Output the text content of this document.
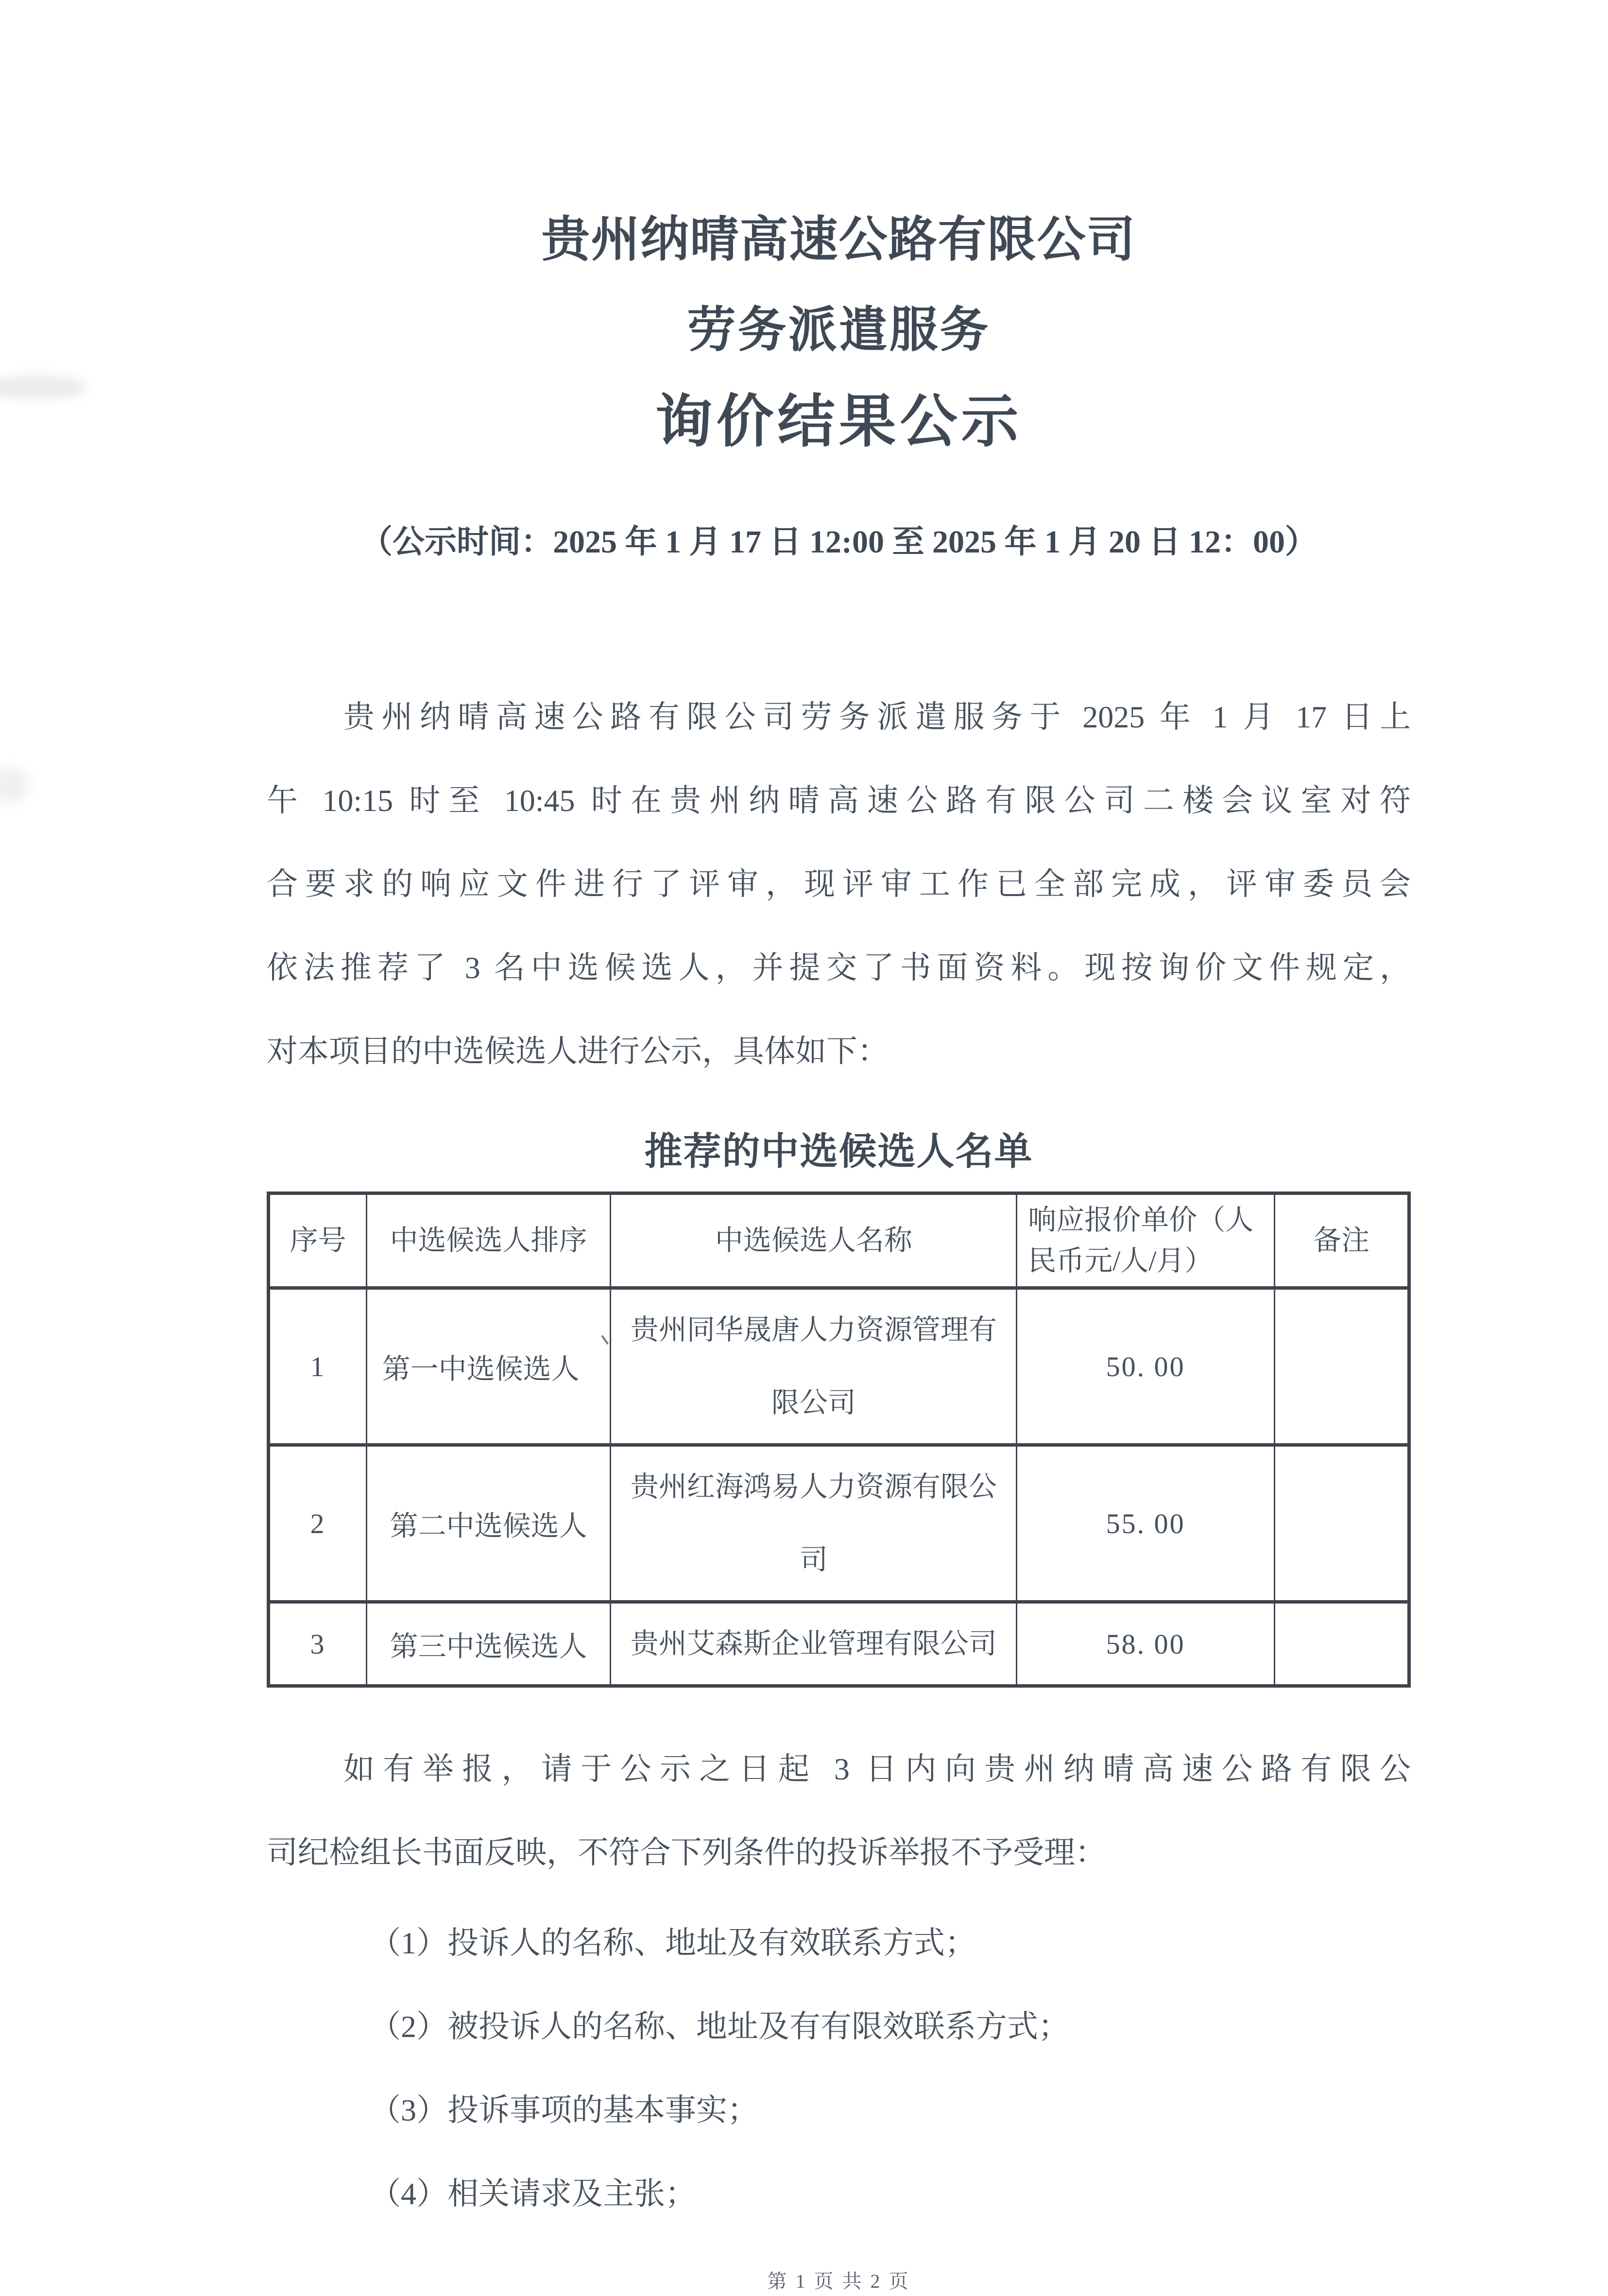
贵州纳晴高速公路有限公司
劳务派遣服务
询价结果公示
（公示时间：2025 年 1 月 17 日 12:00 至 2025 年 1 月 20 日 12：00）
贵州纳晴高速公路有限公司劳务派遣服务于 2025 年 1 月 17 日上
午 10:15 时至 10:45 时在贵州纳晴高速公路有限公司二楼会议室对符
合要求的响应文件进行了评审，现评审工作已全部完成，评审委员会
依法推荐了 3 名中选候选人，并提交了书面资料。现按询价文件规定，
对本项目的中选候选人进行公示，具体如下：
推荐的中选候选人名单
序号	中选候选人排序	中选候选人名称	响应报价单价（人民币元/人/月）	备注
1	第一中选候选人	贵州同华晟唐人力资源管理有限公司	50. 00	
2	第二中选候选人	贵州红海鸿易人力资源有限公司	55. 00	
3	第三中选候选人	贵州艾森斯企业管理有限公司	58. 00	
如有举报，请于公示之日起 3 日内向贵州纳晴高速公路有限公
司纪检组长书面反映，不符合下列条件的投诉举报不予受理：
（1）投诉人的名称、地址及有效联系方式；
（2）被投诉人的名称、地址及有有限效联系方式；
（3）投诉事项的基本事实；
（4）相关请求及主张；
第 1 页 共 2 页
